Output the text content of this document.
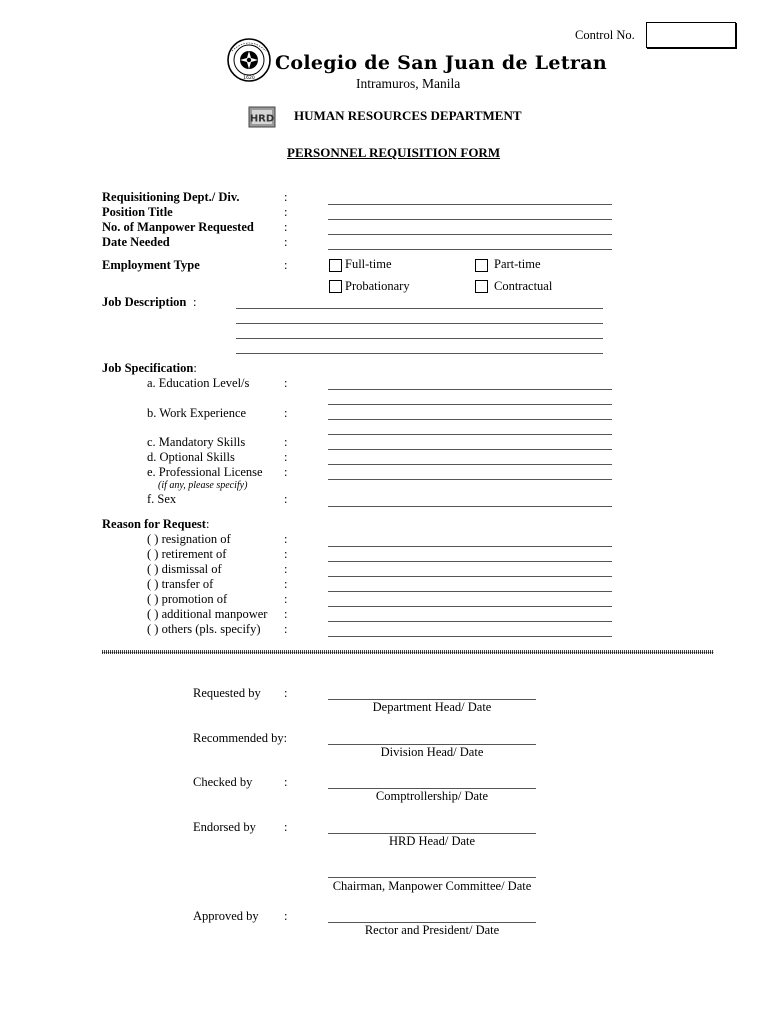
Control No.
1620
Colegio de San Juan de Letran
Intramuros, Manila
HRD HUMAN RESOURCES DEPARTMENT
PERSONNEL REQUISITION FORM
Requisitioning Dept./ Div.	:
Position Title	:
No. of Manpower Requested :
Date Needed	:
Employment Type	:	Full-time	Part-time
Probationary	Contractual
Job Description :
Job Specification:
a. Education Level/s	:
b. Work Experience	:
c. Mandatory Skills	:
d. Optional Skills	:
e. Professional License :
(if any, please specify)
f. Sex	:
Reason for Request:
( ) resignation of	:
( ) retirement of	:
( ) dismissal of	:
( ) transfer of	:
( ) promotion of	:
( ) additional manpower :
( ) others (pls. specify) :
Requested by :
Department Head/ Date
Recommended by:
Division Head/ Date
Checked by	:
Comptrollership/ Date
Endorsed by :
HRD Head/ Date
Chairman, Manpower Committee/ Date
Approved by :
Rector and President/ Date
